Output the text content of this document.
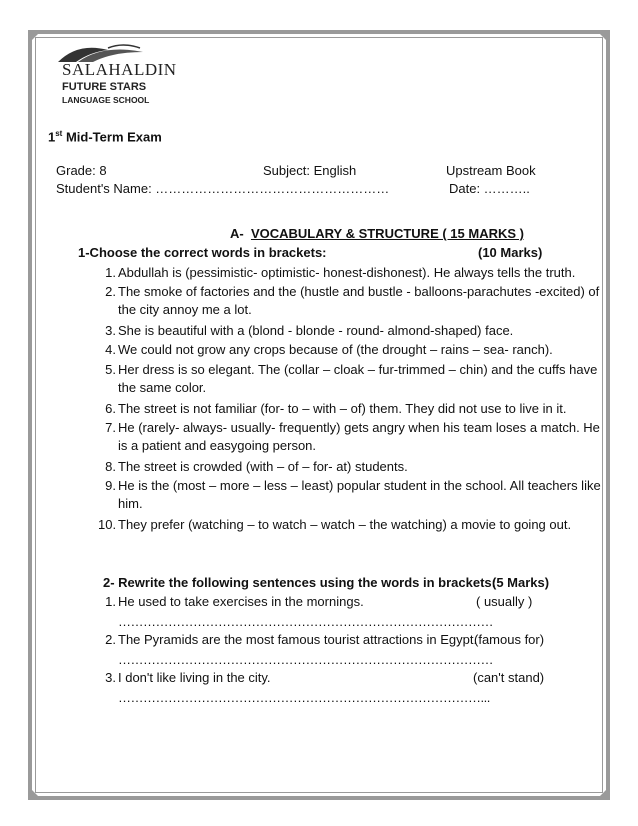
SALAHALDIN
FUTURE STARS
LANGUAGE SCHOOL
1st Mid-Term Exam
Grade: 8	Subject: English	Upstream Book
Student's Name: ………………………………………………	Date: ………..
A- VOCABULARY & STRUCTURE ( 15 MARKS )
1-Choose the correct words in brackets:	(10 Marks)
1. Abdullah is (pessimistic- optimistic- honest-dishonest). He always tells the truth.
2. The smoke of factories and the (hustle and bustle - balloons-parachutes -excited) of
the city annoy me a lot.
3. She is beautiful with a (blond - blonde - round- almond-shaped) face.
4. We could not grow any crops because of (the drought – rains – sea- ranch).
5. Her dress is so elegant. The (collar – cloak – fur-trimmed – chin) and the cuffs have
the same color.
6. The street is not familiar (for- to – with – of) them. They did not use to live in it.
7. He (rarely- always- usually- frequently) gets angry when his team loses a match. He
is a patient and easygoing person.
8. The street is crowded (with – of – for- at) students.
9. He is the (most – more – less – least) popular student in the school. All teachers like
him.
10. They prefer (watching – to watch – watch – the watching) a movie to going out.
2- Rewrite the following sentences using the words in brackets:
(5 Marks)
1. He used to take exercises in the mornings.	( usually )
………………………………………………………………………………
2. The Pyramids are the most famous tourist attractions in Egypt.
(famous for)
………………………………………………………………………………
3. I don't like living in the city.	(can't stand)
……………………………………………………………………………...
